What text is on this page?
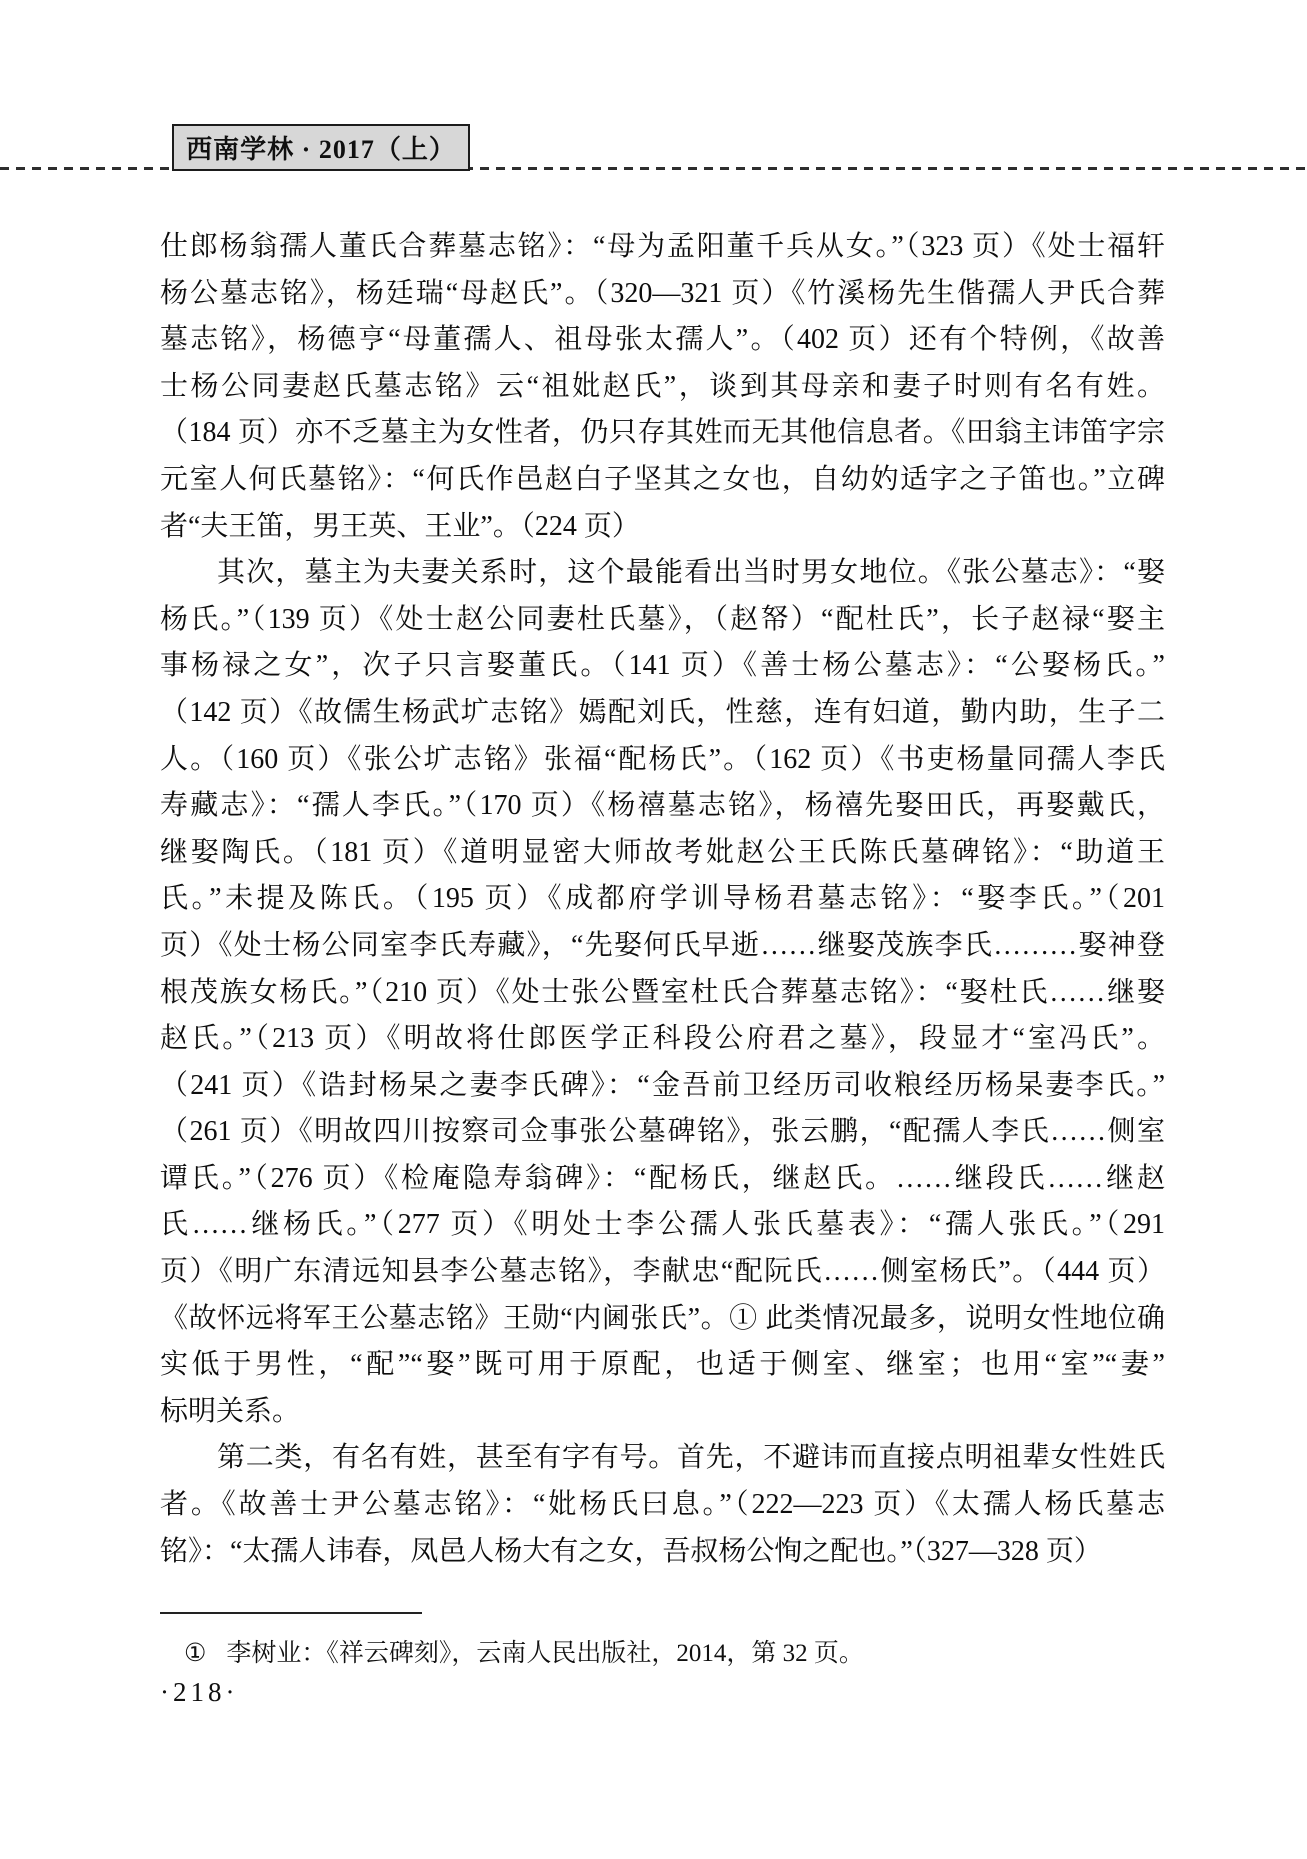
西南学林 · 2017（上）
仕郎杨翁孺人董氏合葬墓志铭》：“母为孟阳董千兵从女。”（323 页）《处士福轩
杨公墓志铭》，杨廷瑞“母赵氏”。（320—321 页）《竹溪杨先生偕孺人尹氏合葬
墓志铭》，杨德亨“母董孺人、祖母张太孺人”。（402 页）还有个特例，《故善
士杨公同妻赵氏墓志铭》云“祖妣赵氏”，谈到其母亲和妻子时则有名有姓。
（184 页）亦不乏墓主为女性者，仍只存其姓而无其他信息者。《田翁主讳笛字宗
元室人何氏墓铭》：“何氏作邑赵白子坚其之女也，自幼妁适字之子笛也。”立碑
者“夫王笛，男王英、王业”。（224 页）
其次，墓主为夫妻关系时，这个最能看出当时男女地位。《张公墓志》：“娶
杨氏。”（139 页）《处士赵公同妻杜氏墓》，（赵帑）“配杜氏”，长子赵禄“娶主
事杨禄之女”，次子只言娶董氏。（141 页）《善士杨公墓志》：“公娶杨氏。”
（142 页）《故儒生杨武圹志铭》嫣配刘氏，性慈，连有妇道，勤内助，生子二
人。（160 页）《张公圹志铭》张福“配杨氏”。（162 页）《书吏杨量同孺人李氏
寿藏志》：“孺人李氏。”（170 页）《杨禧墓志铭》，杨禧先娶田氏，再娶戴氏，
继娶陶氏。（181 页）《道明显密大师故考妣赵公王氏陈氏墓碑铭》：“助道王
氏。”未提及陈氏。（195 页）《成都府学训导杨君墓志铭》：“娶李氏。”（201
页）《处士杨公同室李氏寿藏》，“先娶何氏早逝……继娶茂族李氏………娶神登
根茂族女杨氏。”（210 页）《处士张公暨室杜氏合葬墓志铭》：“娶杜氏……继娶
赵氏。”（213 页）《明故将仕郎医学正科段公府君之墓》，段显才“室冯氏”。
（241 页）《诰封杨杲之妻李氏碑》：“金吾前卫经历司收粮经历杨杲妻李氏。”
（261 页）《明故四川按察司佥事张公墓碑铭》，张云鹏，“配孺人李氏……侧室
谭氏。”（276 页）《检庵隐寿翁碑》：“配杨氏，继赵氏。……继段氏……继赵
氏……继杨氏。”（277 页）《明处士李公孺人张氏墓表》：“孺人张氏。”（291
页）《明广东清远知县李公墓志铭》，李献忠“配阮氏……侧室杨氏”。（444 页）
《故怀远将军王公墓志铭》王勋“内阃张氏”。① 此类情况最多，说明女性地位确
实低于男性，“配”“娶”既可用于原配，也适于侧室、继室；也用“室”“妻”
标明关系。
第二类，有名有姓，甚至有字有号。首先，不避讳而直接点明祖辈女性姓氏
者。《故善士尹公墓志铭》：“妣杨氏曰息。”（222—223 页）《太孺人杨氏墓志
铭》：“太孺人讳春，凤邑人杨大有之女，吾叔杨公恂之配也。”（327—328 页）
① 李树业：《祥云碑刻》，云南人民出版社，2014，第 32 页。
·218·
